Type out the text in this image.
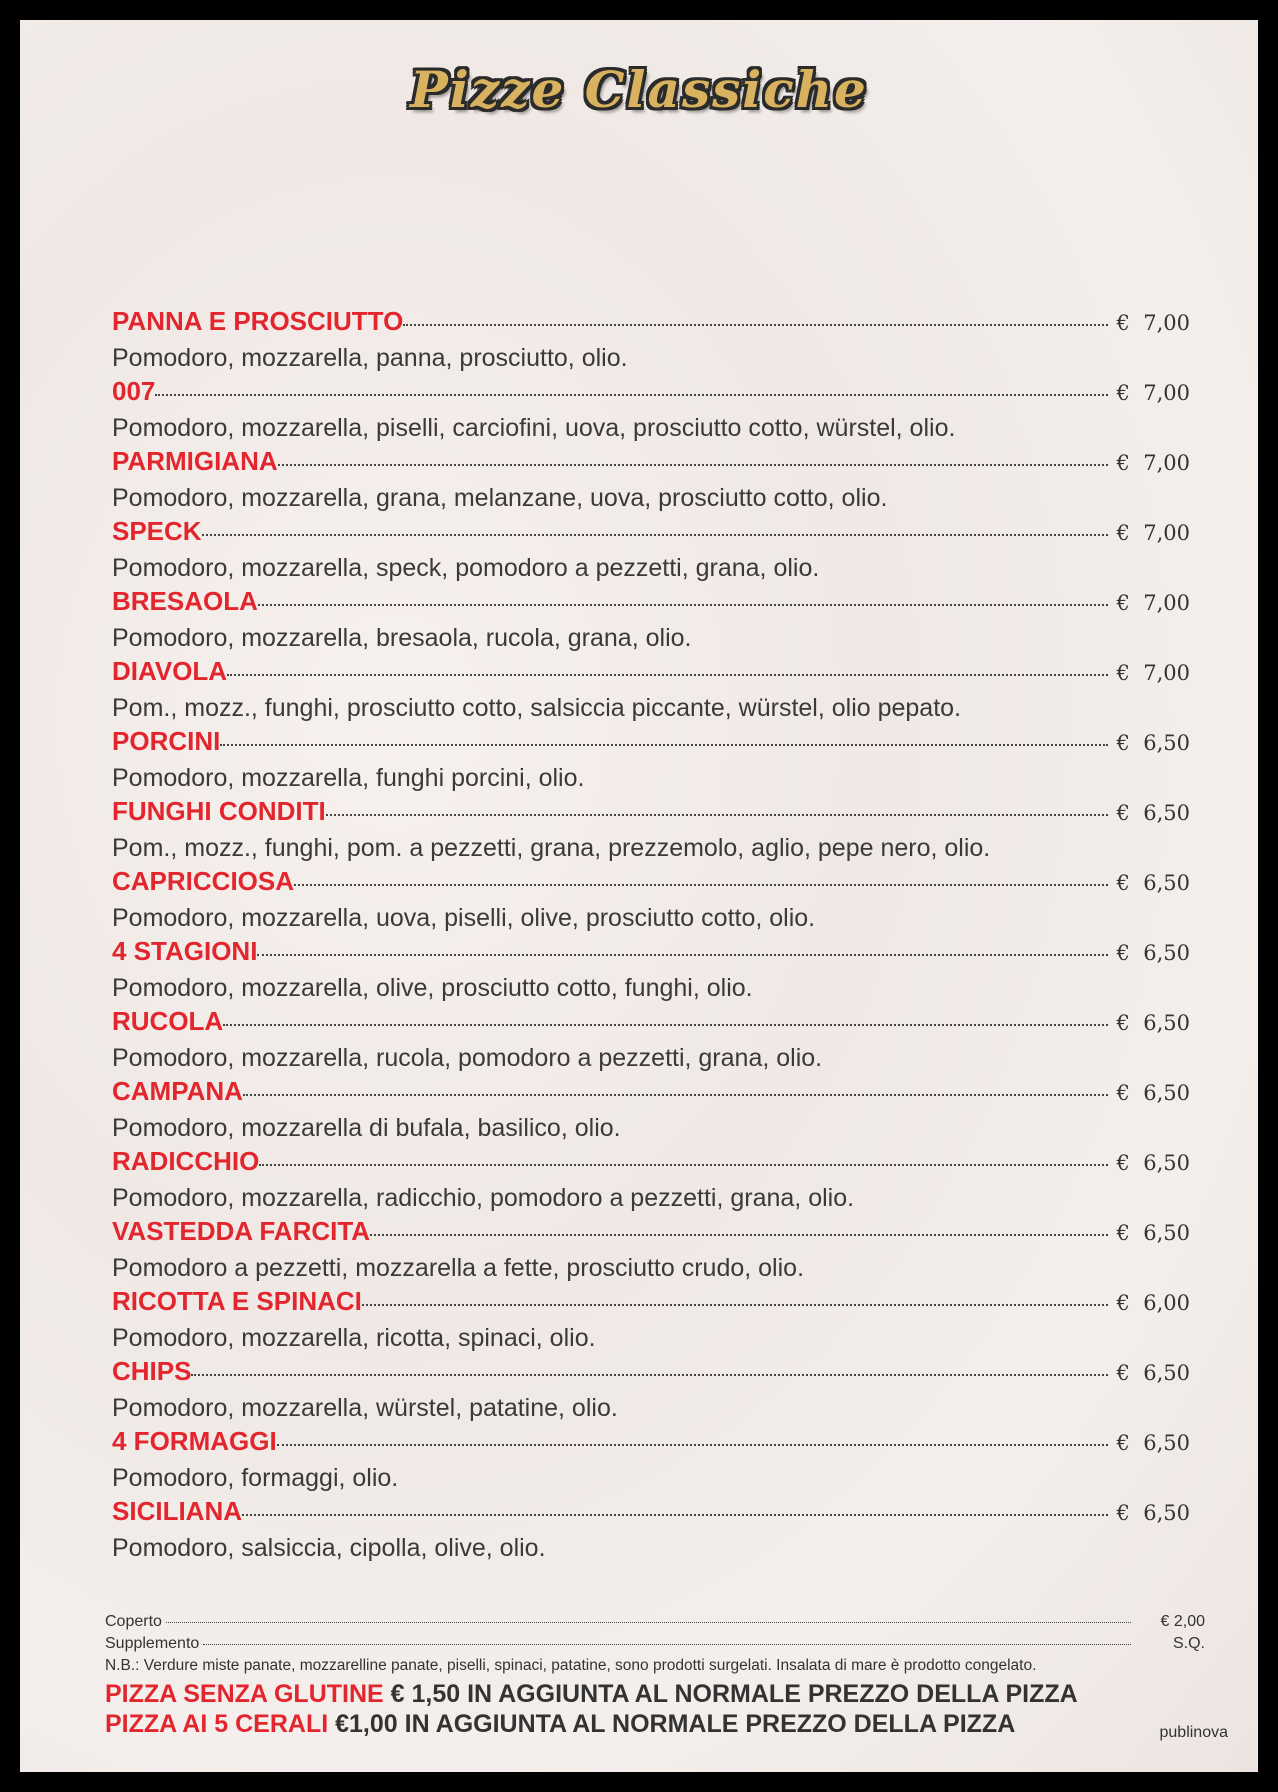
Pizze Classiche
PANNA E PROSCIUTTO	€ 7,00
Pomodoro, mozzarella, panna, prosciutto, olio.
007	€ 7,00
Pomodoro, mozzarella, piselli, carciofini, uova, prosciutto cotto, würstel, olio.
PARMIGIANA	€ 7,00
Pomodoro, mozzarella, grana, melanzane, uova, prosciutto cotto, olio.
SPECK	€ 7,00
Pomodoro, mozzarella, speck, pomodoro a pezzetti, grana, olio.
BRESAOLA	€ 7,00
Pomodoro, mozzarella, bresaola, rucola, grana, olio.
DIAVOLA	€ 7,00
Pom., mozz., funghi, prosciutto cotto, salsiccia piccante, würstel, olio pepato.
PORCINI	€ 6,50
Pomodoro, mozzarella, funghi porcini, olio.
FUNGHI CONDITI	€ 6,50
Pom., mozz., funghi, pom. a pezzetti, grana, prezzemolo, aglio, pepe nero, olio.
CAPRICCIOSA	€ 6,50
Pomodoro, mozzarella, uova, piselli, olive, prosciutto cotto, olio.
4 STAGIONI	€ 6,50
Pomodoro, mozzarella, olive, prosciutto cotto, funghi, olio.
RUCOLA	€ 6,50
Pomodoro, mozzarella, rucola, pomodoro a pezzetti, grana, olio.
CAMPANA	€ 6,50
Pomodoro, mozzarella di bufala, basilico, olio.
RADICCHIO	€ 6,50
Pomodoro, mozzarella, radicchio, pomodoro a pezzetti, grana, olio.
VASTEDDA FARCITA	€ 6,50
Pomodoro a pezzetti, mozzarella a fette, prosciutto crudo, olio.
RICOTTA E SPINACI	€ 6,00
Pomodoro, mozzarella, ricotta, spinaci, olio.
CHIPS	€ 6,50
Pomodoro, mozzarella, würstel, patatine, olio.
4 FORMAGGI	€ 6,50
Pomodoro, formaggi, olio.
SICILIANA	€ 6,50
Pomodoro, salsiccia, cipolla, olive, olio.
Coperto	€ 2,00
Supplemento	S.Q.
N.B.: Verdure miste panate, mozzarelline panate, piselli, spinaci, patatine, sono prodotti surgelati. Insalata di mare è prodotto congelato.
PIZZA SENZA GLUTINE € 1,50 IN AGGIUNTA AL NORMALE PREZZO DELLA PIZZA
PIZZA AI 5 CERALI €1,00 IN AGGIUNTA AL NORMALE PREZZO DELLA PIZZA	publinova
